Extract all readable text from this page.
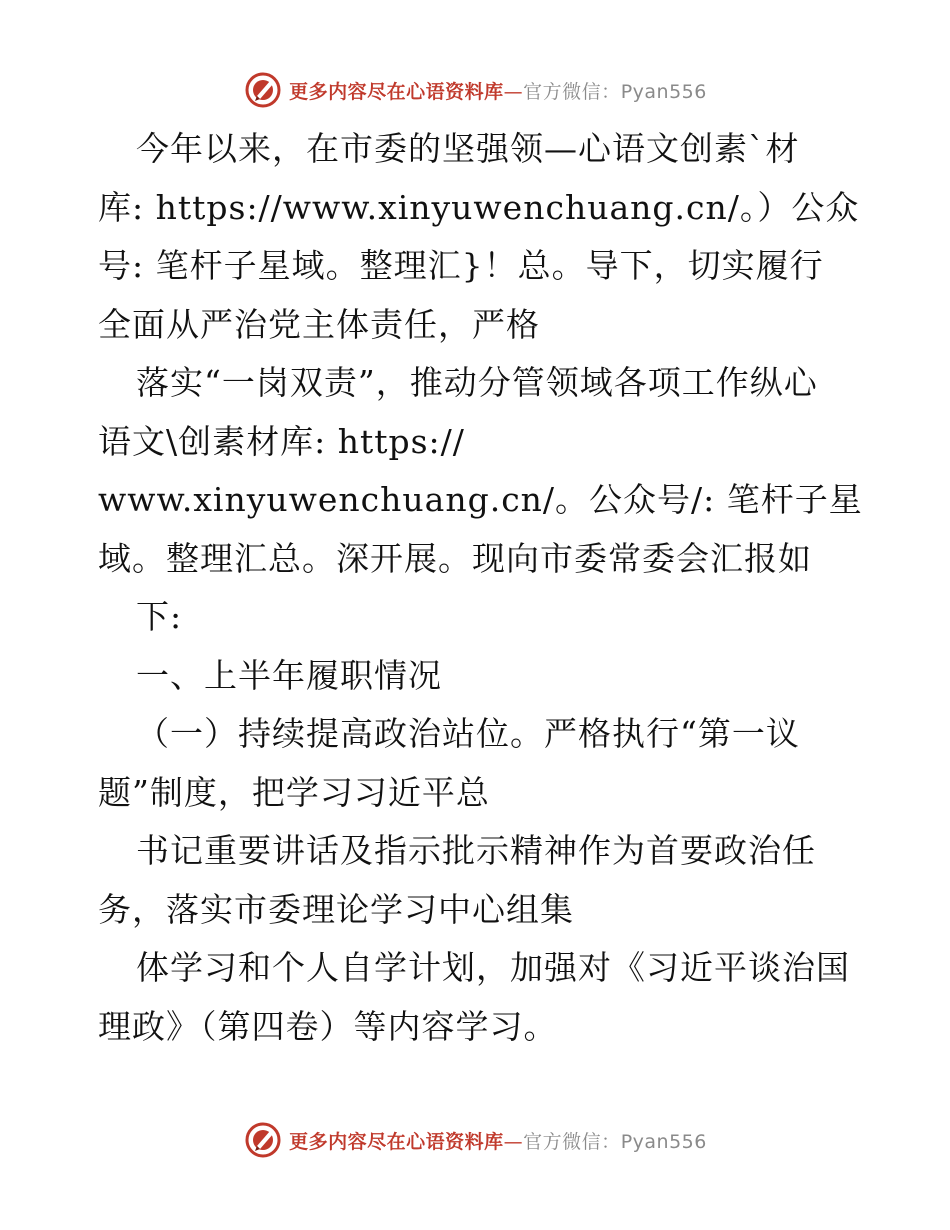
更多内容尽在心语资料库—官方微信：Pyan556
今年以来，在市委的坚强领—心语文创素`材
库: https://www.xinyuwenchuang.cn/。）公众
号: 笔杆子星域。整理汇}！总。导下，切实履行
全面从严治党主体责任，严格
落实“一岗双责”，推动分管领域各项工作纵心
语文\创素材库: https://
www.xinyuwenchuang.cn/。公众号/: 笔杆子星
域。整理汇总。深开展。现向市委常委会汇报如
下:
一、上半年履职情况
（一）持续提高政治站位。严格执行“第一议
题”制度，把学习习近平总
书记重要讲话及指示批示精神作为首要政治任
务，落实市委理论学习中心组集
体学习和个人自学计划，加强对《习近平谈治国
理政》（第四卷）等内容学习。
更多内容尽在心语资料库—官方微信：Pyan556
